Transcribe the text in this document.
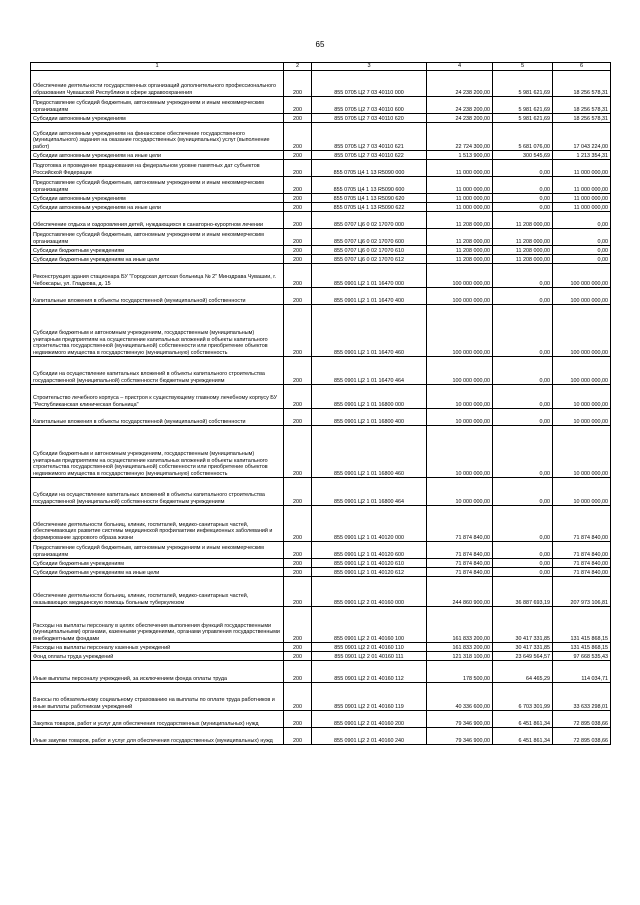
65
1	2	3	4	5	6
Обеспечение деятельности государственных организаций дополнительного профессионального образования Чувашской Республики в сфере здравоохранения	200	855 0705 Ц2 7 03 40110 000	24 238 200,00	5 981 621,69	18 256 578,31
Предоставление субсидий бюджетным, автономным учреждениям и иным некоммерческим организациям	200	855 0705 Ц2 7 03 40110 600	24 238 200,00	5 981 621,69	18 256 578,31
Субсидии автономным учреждениям	200	855 0705 Ц2 7 03 40110 620	24 238 200,00	5 981 621,69	18 256 578,31
Субсидии автономным учреждениям на финансовое обеспечение государственного (муниципального) задания на оказание государственных (муниципальных) услуг (выполнение работ)	200	855 0705 Ц2 7 03 40110 621	22 724 300,00	5 681 076,00	17 043 224,00
Субсидии автономным учреждениям на иные цели	200	855 0705 Ц2 7 03 40110 622	1 513 900,00	300 545,69	1 213 354,31
Подготовка и проведение празднования на федеральном уровне памятных дат субъектов Российской Федерации	200	855 0705 Ц4 1 13 R5090 000	11 000 000,00	0,00	11 000 000,00
Предоставление субсидий бюджетным, автономным учреждениям и иным некоммерческим организациям	200	855 0705 Ц4 1 13 R5090 600	11 000 000,00	0,00	11 000 000,00
Субсидии автономным учреждениям	200	855 0705 Ц4 1 13 R5090 620	11 000 000,00	0,00	11 000 000,00
Субсидии автономным учреждениям на иные цели	200	855 0705 Ц4 1 13 R5090 622	11 000 000,00	0,00	11 000 000,00
Обеспечение отдыха и оздоровления детей, нуждающихся в санаторно-курортном лечении	200	855 0707 Ц6 0 02 17070 000	11 208 000,00	11 208 000,00	0,00
Предоставление субсидий бюджетным, автономным учреждениям и иным некоммерческим организациям	200	855 0707 Ц6 0 02 17070 600	11 208 000,00	11 208 000,00	0,00
Субсидии бюджетным учреждениям	200	855 0707 Ц6 0 02 17070 610	11 208 000,00	11 208 000,00	0,00
Субсидии бюджетным учреждениям на иные цели	200	855 0707 Ц6 0 02 17070 612	11 208 000,00	11 208 000,00	0,00
Реконструкция здания стационара БУ "Городская детская больница № 2" Минздрава Чувашии, г. Чебоксары, ул. Гладкова, д. 15	200	855 0901 Ц2 1 01 16470 000	100 000 000,00	0,00	100 000 000,00
Капитальные вложения в объекты государственной (муниципальной) собственности	200	855 0901 Ц2 1 01 16470 400	100 000 000,00	0,00	100 000 000,00
Субсидии бюджетным и автономным учреждениям, государственным (муниципальным) унитарным предприятиям на осуществление капитальных вложений в объекты капитального строительства государственной (муниципальной) собственности или приобретение объектов недвижимого имущества в государственную (муниципальную) собственность	200	855 0901 Ц2 1 01 16470 460	100 000 000,00	0,00	100 000 000,00
Субсидии на осуществление капитальных вложений в объекты капитального строительства государственной (муниципальной) собственности бюджетным учреждениям	200	855 0901 Ц2 1 01 16470 464	100 000 000,00	0,00	100 000 000,00
Строительство лечебного корпуса – пристроя к существующему главному лечебному корпусу БУ "Республиканская клиническая больница"	200	855 0901 Ц2 1 01 16800 000	10 000 000,00	0,00	10 000 000,00
Капитальные вложения в объекты государственной (муниципальной) собственности	200	855 0901 Ц2 1 01 16800 400	10 000 000,00	0,00	10 000 000,00
Субсидии бюджетным и автономным учреждениям, государственным (муниципальным) унитарным предприятиям на осуществление капитальных вложений в объекты капитального строительства государственной (муниципальной) собственности или приобретение объектов недвижимого имущества в государственную (муниципальную) собственность	200	855 0901 Ц2 1 01 16800 460	10 000 000,00	0,00	10 000 000,00
Субсидии на осуществление капитальных вложений в объекты капитального строительства государственной (муниципальной) собственности бюджетным учреждениям	200	855 0901 Ц2 1 01 16800 464	10 000 000,00	0,00	10 000 000,00
Обеспечение деятельности больниц, клиник, госпиталей, медико-санитарных частей, обеспечивающих развитие системы медицинской профилактики инфекционных заболеваний и формирование здорового образа жизни	200	855 0901 Ц2 1 01 40120 000	71 874 840,00	0,00	71 874 840,00
Предоставление субсидий бюджетным, автономным учреждениям и иным некоммерческим организациям	200	855 0901 Ц2 1 01 40120 600	71 874 840,00	0,00	71 874 840,00
Субсидии бюджетным учреждениям	200	855 0901 Ц2 1 01 40120 610	71 874 840,00	0,00	71 874 840,00
Субсидии бюджетным учреждениям на иные цели	200	855 0901 Ц2 1 01 40120 612	71 874 840,00	0,00	71 874 840,00
Обеспечение деятельности больниц, клиник, госпиталей, медико-санитарных частей, оказывающих медицинскую помощь больным туберкулезом	200	855 0901 Ц2 2 01 40160 000	244 860 900,00	36 887 693,19	207 973 106,81
Расходы на выплаты персоналу в целях обеспечения выполнения функций государственными (муниципальными) органами, казенными учреждениями, органами управления государственными внебюджетными фондами	200	855 0901 Ц2 2 01 40160 100	161 833 200,00	30 417 331,85	131 415 868,15
Расходы на выплаты персоналу казенных учреждений	200	855 0901 Ц2 2 01 40160 110	161 833 200,00	30 417 331,85	131 415 868,15
Фонд оплаты труда учреждений	200	855 0901 Ц2 2 01 40160 111	121 318 100,00	23 649 564,57	97 668 535,43
Иные выплаты персоналу учреждений, за исключением фонда оплаты труда	200	855 0901 Ц2 2 01 40160 112	178 500,00	64 465,29	114 034,71
Взносы по обязательному социальному страхованию на выплаты по оплате труда работников и иные выплаты работникам учреждений	200	855 0901 Ц2 2 01 40160 119	40 336 600,00	6 703 301,99	33 633 298,01
Закупка товаров, работ и услуг для обеспечения государственных (муниципальных) нужд	200	855 0901 Ц2 2 01 40160 200	79 346 900,00	6 451 861,34	72 895 038,66
Иные закупки товаров, работ и услуг для обеспечения государственных (муниципальных) нужд	200	855 0901 Ц2 2 01 40160 240	79 346 900,00	6 451 861,34	72 895 038,66
